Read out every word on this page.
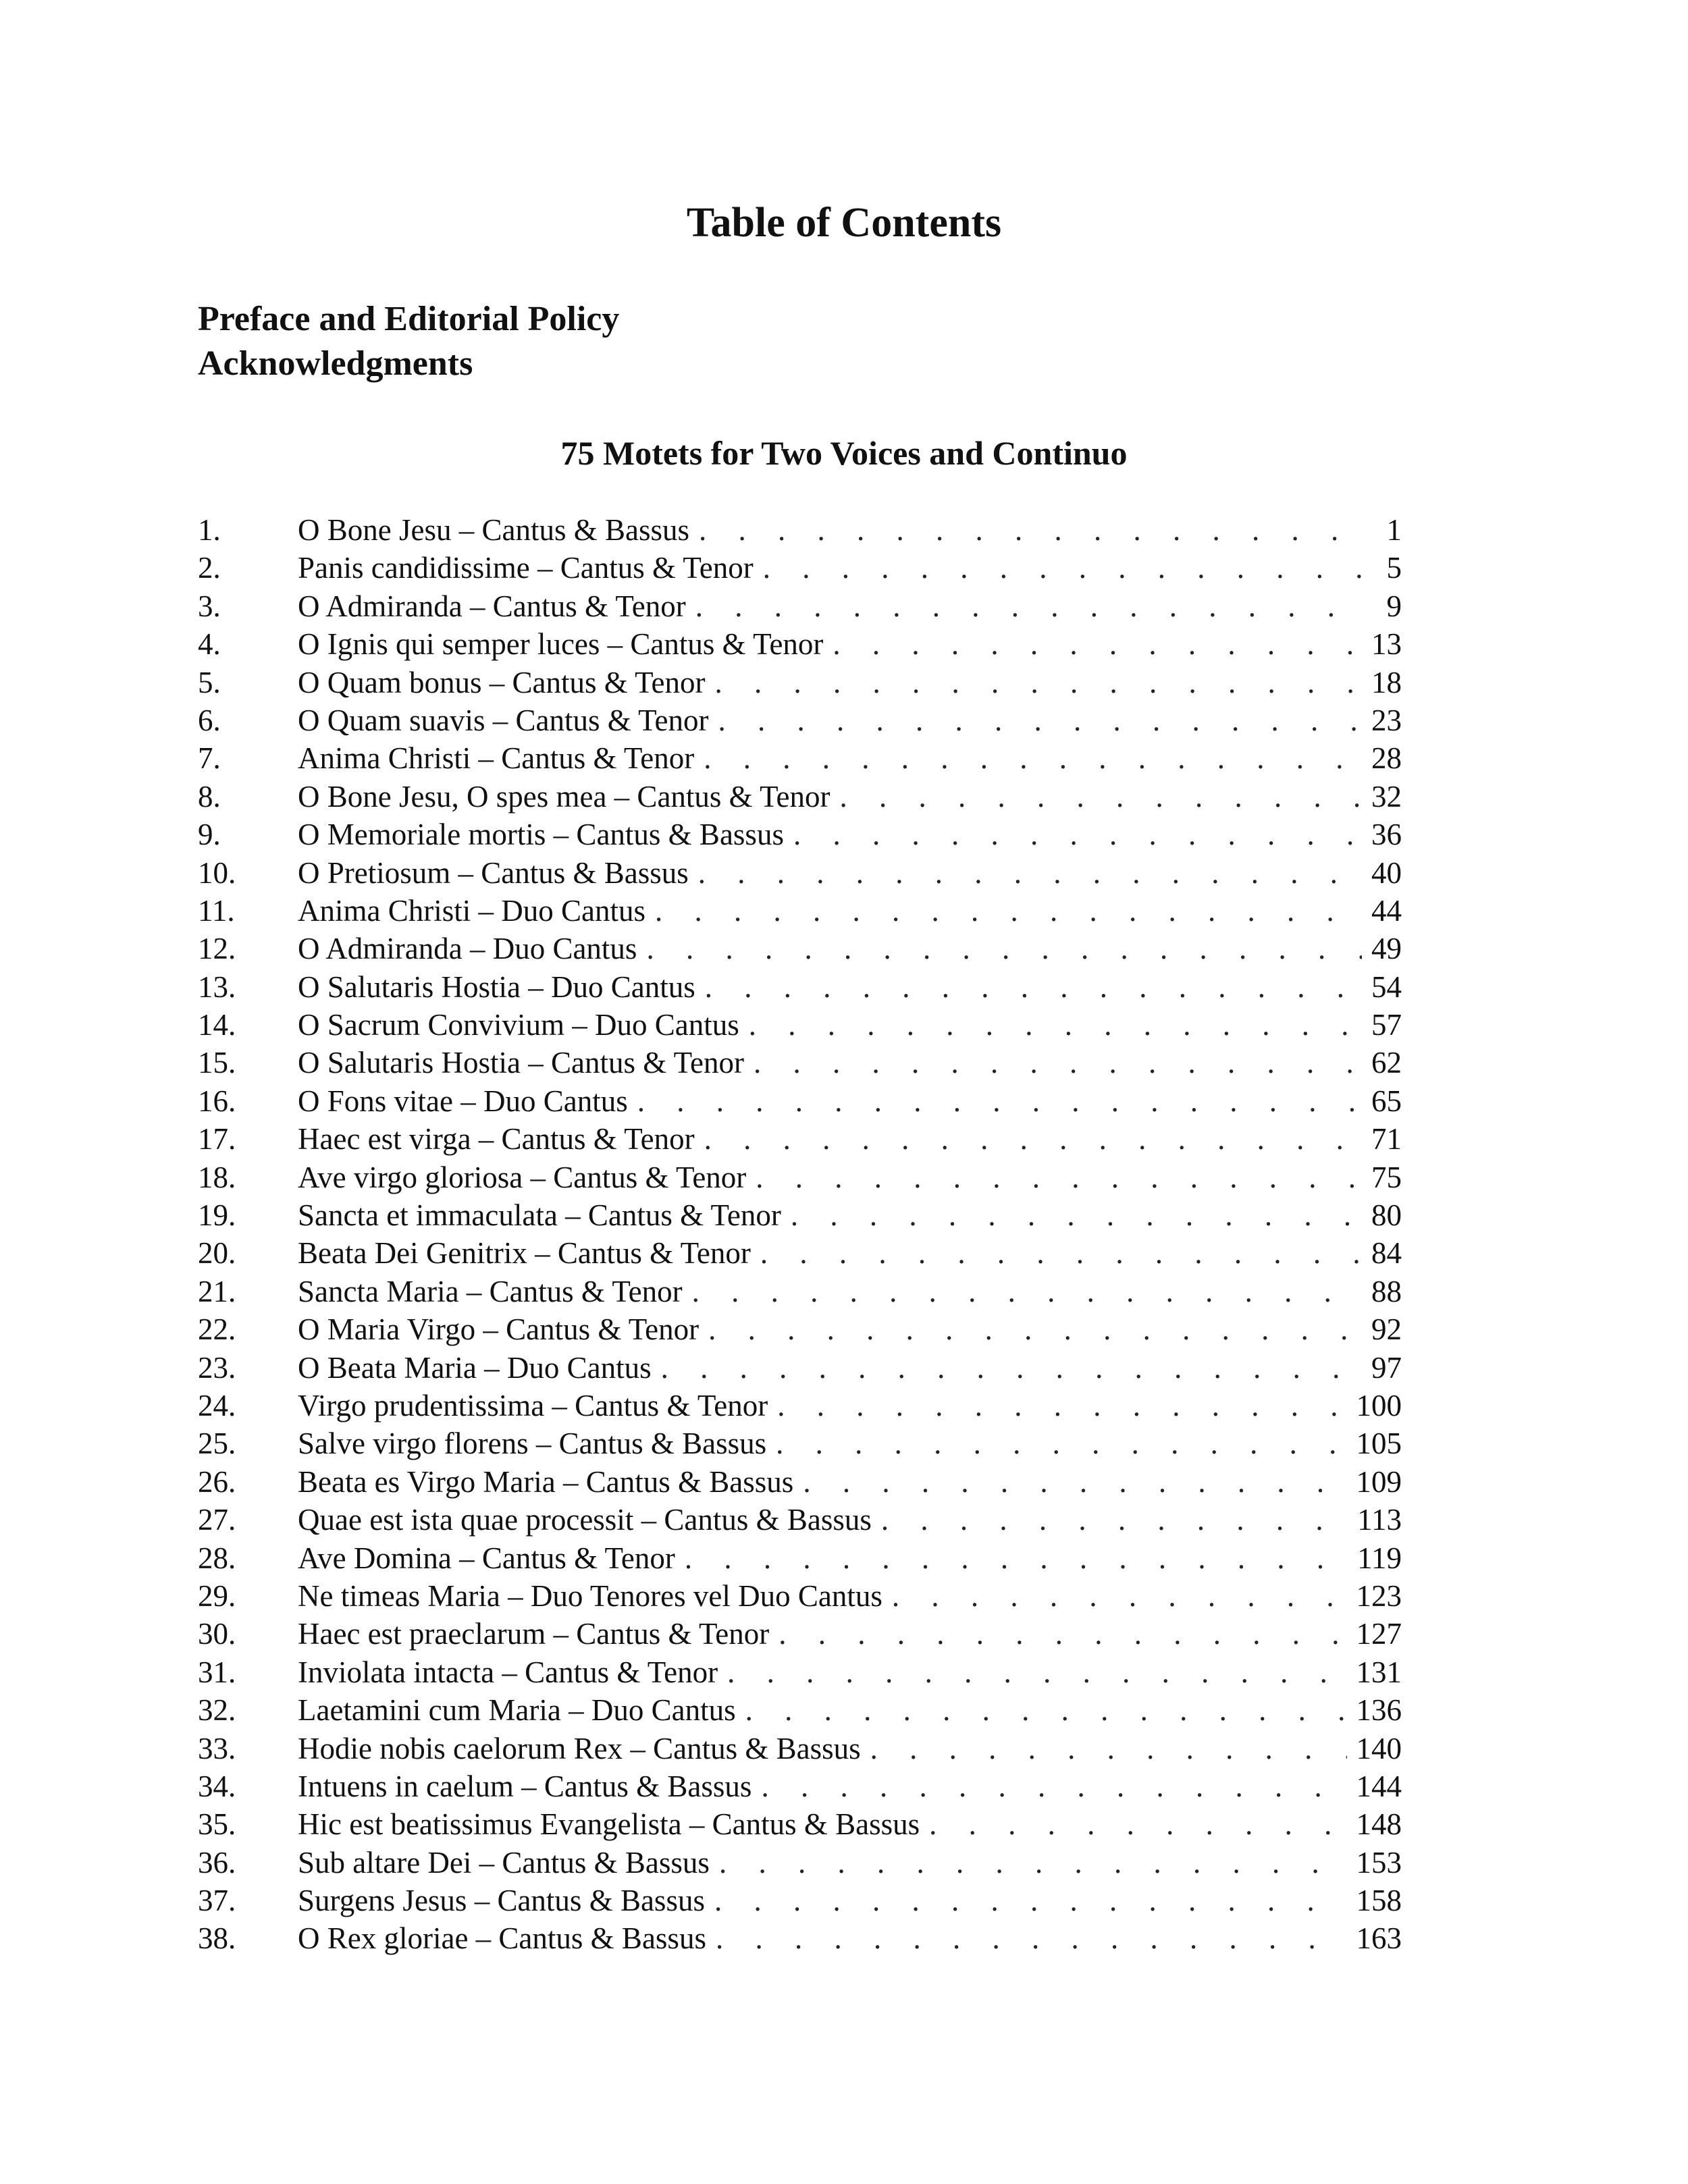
Table of Contents
Preface and Editorial Policy
Acknowledgments
75 Motets for Two Voices and Continuo
1.	O Bone Jesu – Cantus & Bassus . . .	1
2.	Panis candidissime – Cantus & Tenor . . .	5
3.	O Admiranda – Cantus & Tenor . . .	9
4.	O Ignis qui semper luces – Cantus & Tenor . . .	13
5.	O Quam bonus – Cantus & Tenor . . .	18
6.	O Quam suavis – Cantus & Tenor . . .	23
7.	Anima Christi – Cantus & Tenor . . .	28
8.	O Bone Jesu, O spes mea – Cantus & Tenor . . .	32
9.	O Memoriale mortis – Cantus & Bassus . . .	36
10.	O Pretiosum – Cantus & Bassus . . .	40
11.	Anima Christi – Duo Cantus . . .	44
12.	O Admiranda – Duo Cantus . . .	49
13.	O Salutaris Hostia – Duo Cantus . . .	54
14.	O Sacrum Convivium – Duo Cantus . . .	57
15.	O Salutaris Hostia – Cantus & Tenor . . .	62
16.	O Fons vitae – Duo Cantus . . .	65
17.	Haec est virga – Cantus & Tenor . . .	71
18.	Ave virgo gloriosa – Cantus & Tenor . . .	75
19.	Sancta et immaculata – Cantus & Tenor . . .	80
20.	Beata Dei Genitrix – Cantus & Tenor . . .	84
21.	Sancta Maria – Cantus & Tenor . . .	88
22.	O Maria Virgo – Cantus & Tenor . . .	92
23.	O Beata Maria – Duo Cantus . . .	97
24.	Virgo prudentissima – Cantus & Tenor . . .	100
25.	Salve virgo florens – Cantus & Bassus . . .	105
26.	Beata es Virgo Maria – Cantus & Bassus . . .	109
27.	Quae est ista quae processit – Cantus & Bassus . . .	113
28.	Ave Domina – Cantus & Tenor . . .	119
29.	Ne timeas Maria – Duo Tenores vel Duo Cantus . . .	123
30.	Haec est praeclarum – Cantus & Tenor . . .	127
31.	Inviolata intacta – Cantus & Tenor . . .	131
32.	Laetamini cum Maria – Duo Cantus . . .	136
33.	Hodie nobis caelorum Rex – Cantus & Bassus . . .	140
34.	Intuens in caelum – Cantus & Bassus . . .	144
35.	Hic est beatissimus Evangelista – Cantus & Bassus . . .	148
36.	Sub altare Dei – Cantus & Bassus . . .	153
37.	Surgens Jesus – Cantus & Bassus . . .	158
38.	O Rex gloriae – Cantus & Bassus . . .	163
